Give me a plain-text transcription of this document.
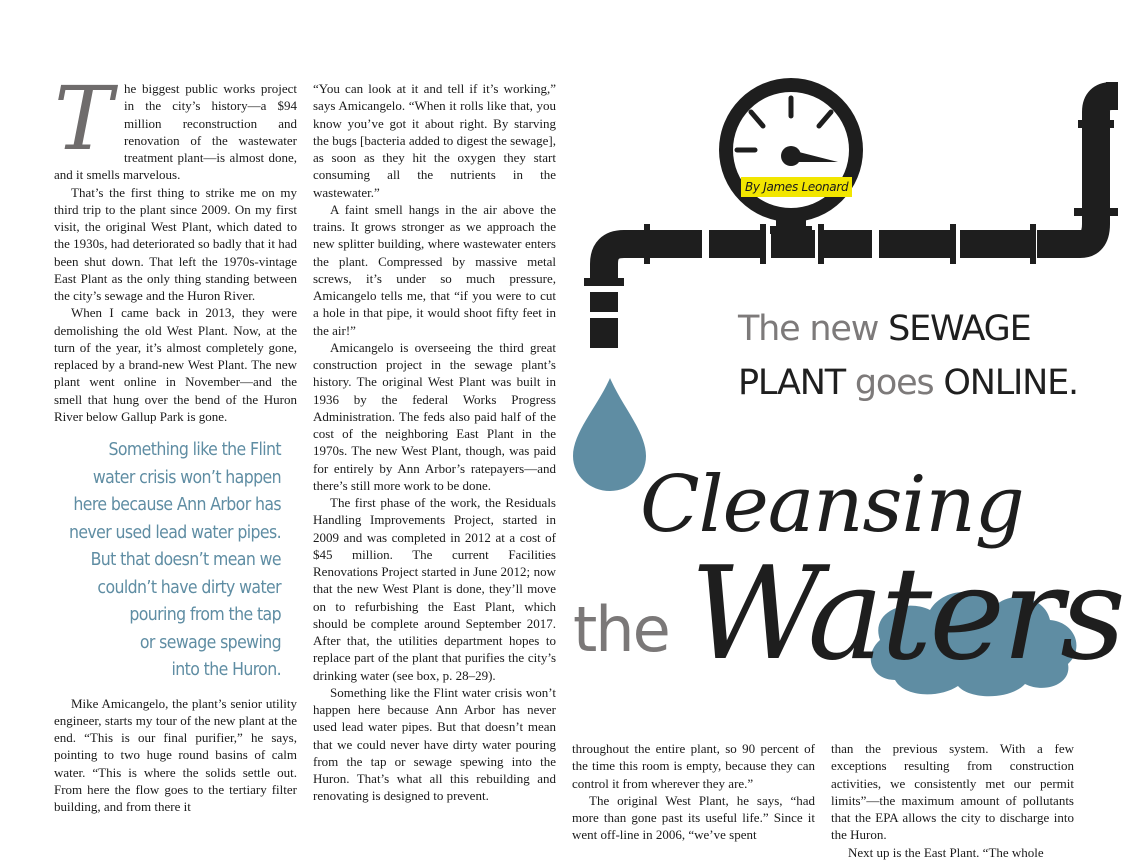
The biggest public works project in the city’s history—a $94 million reconstruction and renovation of the wastewater treatment plant—is almost done, and it smells marvelous.

That’s the first thing to strike me on my third trip to the plant since 2009. On my first visit, the original West Plant, which dated to the 1930s, had deteriorated so badly that it had been shut down. That left the 1970s-vintage East Plant as the only thing standing between the city’s sewage and the Huron River.

When I came back in 2013, they were demolishing the old West Plant. Now, at the turn of the year, it’s almost completely gone, replaced by a brand-new West Plant. The new plant went online in November—and the smell that hung over the bend of the Huron River below Gallup Park is gone.

Something like the Flint
water crisis won’t happen
here because Ann Arbor has
never used lead water pipes.
But that doesn’t mean we
couldn’t have dirty water
pouring from the tap
or sewage spewing
into the Huron.

Mike Amicangelo, the plant’s senior utility engineer, starts my tour of the new plant at the end. “This is our final purifier,” he says, pointing to two huge round basins of calm water. “This is where the solids settle out. From here the flow goes to the tertiary filter building, and from there it

“You can look at it and tell if it’s working,” says Amicangelo. “When it rolls like that, you know you’ve got it about right. By starving the bugs [bacteria added to digest the sewage], as soon as they hit the oxygen they start consuming all the nutrients in the wastewater.”

A faint smell hangs in the air above the trains. It grows stronger as we approach the new splitter building, where wastewater enters the plant. Compressed by massive metal screws, it’s under so much pressure, Amicangelo tells me, that “if you were to cut a hole in that pipe, it would shoot fifty feet in the air!”

Amicangelo is overseeing the third great construction project in the sewage plant’s history. The original West Plant was built in 1936 by the federal Works Progress Administration. The feds also paid half of the cost of the neighboring East Plant in the 1970s. The new West Plant, though, was paid for entirely by Ann Arbor’s ratepayers—and there’s still more work to be done.

The first phase of the work, the Residuals Handling Improvements Project, started in 2009 and was completed in 2012 at a cost of $45 million. The current Facilities Renovations Project started in June 2012; now that the new West Plant is done, they’ll move on to refurbishing the East Plant, which should be complete around September 2017. After that, the utilities department hopes to replace part of the plant that purifies the city’s drinking water (see box, p. 28–29).

Something like the Flint water crisis won’t happen here because Ann Arbor has never used lead water pipes. But that doesn’t mean that we could never have dirty water pouring from the tap or sewage spewing into the Huron. That’s what all this rebuilding and renovating is designed to prevent.

By James Leonard
The new SEWAGE
PLANT goes ONLINE.
Cleansing
the Waters

throughout the entire plant, so 90 percent of the time this room is empty, because they can control it from wherever they are.”

The original West Plant, he says, “had more than gone past its useful life.” Since it went off-line in 2006, “we’ve spent

than the previous system. With a few exceptions resulting from construction activities, we consistently met our permit limits”—the maximum amount of pollutants that the EPA allows the city to discharge into the Huron.

Next up is the East Plant. “The whole
